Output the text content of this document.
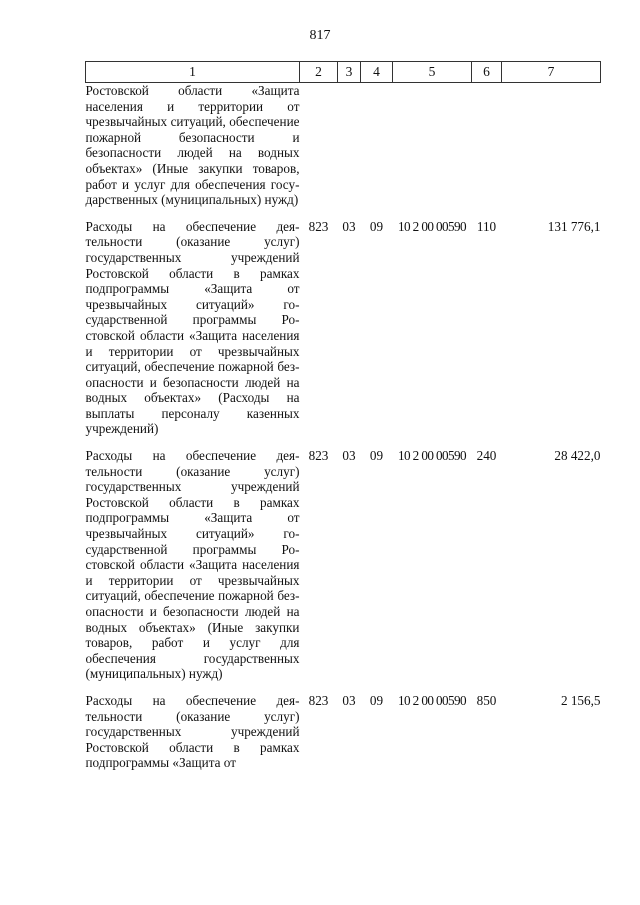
817
1	2	3	4	5	6	7
Ростовской области «Защита населения и территории от чрезвычайных ситуаций, обеспечение пожарной безопасности и безопасности людей на водных объектах» (Иные закупки товаров, работ и услуг для обеспечения государственных (муниципальных) нужд)						
Расходы на обеспечение деятельности (оказание услуг) государственных учреждений Ростовской области в рамках подпрограммы «Защита от чрезвычайных ситуаций» государственной программы Ростовской области «Защита населения и территории от чрезвычайных ситуаций, обеспечение пожарной безопасности и безопасности людей на водных объектах» (Расходы на выплаты персоналу казенных учреждений)	823	03	09	10 2 00 00590	110	131 776,1
Расходы на обеспечение деятельности (оказание услуг) государственных учреждений Ростовской области в рамках подпрограммы «Защита от чрезвычайных ситуаций» государственной программы Ростовской области «Защита населения и территории от чрезвычайных ситуаций, обеспечение пожарной безопасности и безопасности людей на водных объектах» (Иные закупки товаров, работ и услуг для обеспечения государственных (муниципальных) нужд)	823	03	09	10 2 00 00590	240	28 422,0
Расходы на обеспечение деятельности (оказание услуг) государственных учреждений Ростовской области в рамках подпрограммы «Защита от	823	03	09	10 2 00 00590	850	2 156,5
